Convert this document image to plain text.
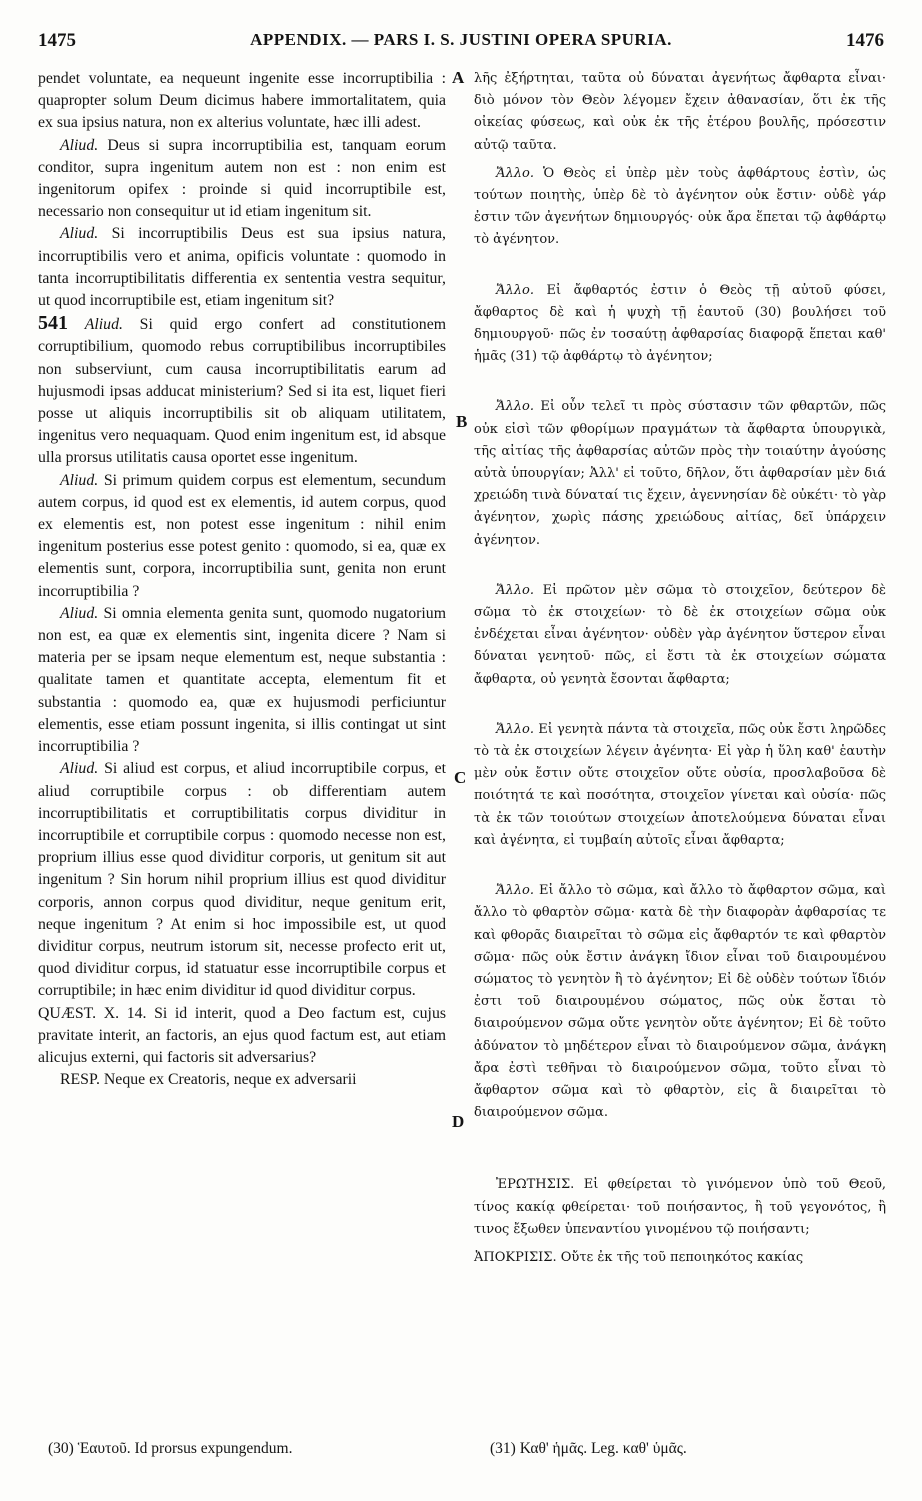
1475	APPENDIX. — PARS I. S. JUSTINI OPERA SPURIA.	1476

pendet voluntate, ea nequeunt ingenite esse incorruptibilia : quapropter solum Deum dicimus habere immortalitatem, quia ex sua ipsius natura, non ex alterius voluntate, hæc illi adest.

Aliud. Deus si supra incorruptibilia est, tanquam eorum conditor, supra ingenitum autem non est : non enim est ingenitorum opifex : proinde si quid incorruptibile est, necessario non consequitur ut id etiam ingenitum sit.

Aliud. Si incorruptibilis Deus est sua ipsius natura, incorruptibilis vero et anima, opificis voluntate : quomodo in tanta incorruptibilitatis differentia ex sententia vestra sequitur, ut quod incorruptibile est, etiam ingenitum sit?

541 Aliud. Si quid ergo confert ad constitutionem corruptibilium, quomodo rebus corruptibilibus incorruptibiles non subserviunt, cum causa incorruptibilitatis earum ad hujusmodi ipsas adducat ministerium? Sed si ita est, liquet fieri posse ut aliquis incorruptibilis sit ob aliquam utilitatem, ingenitus vero nequaquam. Quod enim ingenitum est, id absque ulla prorsus utilitatis causa oportet esse ingenitum.

Aliud. Si primum quidem corpus est elementum, secundum autem corpus, id quod est ex elementis, id autem corpus, quod ex elementis est, non potest esse ingenitum : nihil enim ingenitum posterius esse potest genito : quomodo, si ea, quæ ex elementis sunt, corpora, incorruptibilia sunt, genita non erunt incorruptibilia ?

Aliud. Si omnia elementa genita sunt, quomodo nugatorium non est, ea quæ ex elementis sint, ingenita dicere ? Nam si materia per se ipsam neque elementum est, neque substantia : qualitate tamen et quantitate accepta, elementum fit et substantia : quomodo ea, quæ ex hujusmodi perficiuntur elementis, esse etiam possunt ingenita, si illis contingat ut sint incorruptibilia ?

Aliud. Si aliud est corpus, et aliud incorruptibile corpus, et aliud corruptibile corpus : ob differentiam autem incorruptibilitatis et corruptibilitatis corpus dividitur in incorruptibile et corruptibile corpus : quomodo necesse non est, proprium illius esse quod dividitur corporis, ut genitum sit aut ingenitum ? Sin horum nihil proprium illius est quod dividitur corporis, annon corpus quod dividitur, neque genitum erit, neque ingenitum ? At enim si hoc impossibile est, ut quod dividitur corpus, neutrum istorum sit, necesse profecto erit ut, quod dividitur corpus, id statuatur esse incorruptibile corpus et corruptibile; in hæc enim dividitur id quod dividitur corpus.

QUÆST. X. 14. Si id interit, quod a Deo factum est, cujus pravitate interit, an factoris, an ejus quod factum est, aut etiam alicujus externi, qui factoris sit adversarius?

RESP. Neque ex Creatoris, neque ex adversarii

A
B
C
D

λῆς ἐξήρτηται, ταῦτα οὐ δύναται ἀγενήτως ἄφθαρτα εἶναι· διὸ μόνον τὸν Θεὸν λέγομεν ἔχειν ἀθανασίαν, ὅτι ἐκ τῆς οἰκείας φύσεως, καὶ οὐκ ἐκ τῆς ἑτέρου βουλῆς, πρόσεστιν αὐτῷ ταῦτα.

Ἄλλο. Ὁ Θεὸς εἰ ὑπὲρ μὲν τοὺς ἀφθάρτους ἐστὶν, ὡς τούτων ποιητὴς, ὑπὲρ δὲ τὸ ἀγένητον οὐκ ἔστιν· οὐδὲ γάρ ἐστιν τῶν ἀγενήτων δημιουργός· οὐκ ἄρα ἕπεται τῷ ἀφθάρτῳ τὸ ἀγένητον.

Ἄλλο. Εἰ ἄφθαρτός ἐστιν ὁ Θεὸς τῇ αὐτοῦ φύσει, ἄφθαρτος δὲ καὶ ἡ ψυχὴ τῇ ἑαυτοῦ (30) βουλήσει τοῦ δημιουργοῦ· πῶς ἐν τοσαύτῃ ἀφθαρσίας διαφορᾷ ἕπεται καθ' ἡμᾶς (31) τῷ ἀφθάρτῳ τὸ ἀγένητον;

Ἄλλο. Εἰ οὖν τελεῖ τι πρὸς σύστασιν τῶν φθαρτῶν, πῶς οὐκ εἰσὶ τῶν φθορίμων πραγμάτων τὰ ἄφθαρτα ὑπουργικὰ, τῆς αἰτίας τῆς ἀφθαρσίας αὐτῶν πρὸς τὴν τοιαύτην ἀγούσης αὐτὰ ὑπουργίαν; Ἀλλ' εἰ τοῦτο, δῆλον, ὅτι ἀφθαρσίαν μὲν διά χρειώδη τινὰ δύναταί τις ἔχειν, ἀγεννησίαν δὲ οὐκέτι· τὸ γὰρ ἀγένητον, χωρὶς πάσης χρειώδους αἰτίας, δεῖ ὑπάρχειν ἀγένητον.

Ἄλλο. Εἰ πρῶτον μὲν σῶμα τὸ στοιχεῖον, δεύτερον δὲ σῶμα τὸ ἐκ στοιχείων· τὸ δὲ ἐκ στοιχείων σῶμα οὐκ ἐνδέχεται εἶναι ἀγένητον· οὐδὲν γὰρ ἀγένητον ὕστερον εἶναι δύναται γενητοῦ· πῶς, εἰ ἔστι τὰ ἐκ στοιχείων σώματα ἄφθαρτα, οὐ γενητὰ ἔσονται ἄφθαρτα;

Ἄλλο. Εἰ γενητὰ πάντα τὰ στοιχεῖα, πῶς οὐκ ἔστι ληρῶδες τὸ τὰ ἐκ στοιχείων λέγειν ἀγένητα· Εἰ γὰρ ἡ ὕλη καθ' ἑαυτὴν μὲν οὐκ ἔστιν οὔτε στοιχεῖον οὔτε οὐσία, προσλαβοῦσα δὲ ποιότητά τε καὶ ποσότητα, στοιχεῖον γίνεται καὶ οὐσία· πῶς τὰ ἐκ τῶν τοιούτων στοιχείων ἀποτελούμενα δύναται εἶναι καὶ ἀγένητα, εἰ τυμβαίη αὐτοῖς εἶναι ἄφθαρτα;

Ἄλλο. Εἰ ἄλλο τὸ σῶμα, καὶ ἄλλο τὸ ἄφθαρτον σῶμα, καὶ ἄλλο τὸ φθαρτὸν σῶμα· κατὰ δὲ τὴν διαφορὰν ἀφθαρσίας τε καὶ φθορᾶς διαιρεῖται τὸ σῶμα εἰς ἄφθαρτόν τε καὶ φθαρτὸν σῶμα· πῶς οὐκ ἔστιν ἀνάγκη ἴδιον εἶναι τοῦ διαιρουμένου σώματος τὸ γενητὸν ἢ τὸ ἀγένητον; Εἰ δὲ οὐδὲν τούτων ἴδιόν ἐστι τοῦ διαιρουμένου σώματος, πῶς οὐκ ἔσται τὸ διαιρούμενον σῶμα οὔτε γενητὸν οὔτε ἀγένητον; Εἰ δὲ τοῦτο ἀδύνατον τὸ μηδέτερον εἶναι τὸ διαιρούμενον σῶμα, ἀνάγκη ἄρα ἐστὶ τεθῆναι τὸ διαιρούμενον σῶμα, τοῦτο εἶναι τὸ ἄφθαρτον σῶμα καὶ τὸ φθαρτὸν, εἰς ἃ διαιρεῖται τὸ διαιρούμενον σῶμα.

ἘΡΩΤΗΣΙΣ. Εἰ φθείρεται τὸ γινόμενον ὑπὸ τοῦ Θεοῦ, τίνος κακίᾳ φθείρεται· τοῦ ποιήσαντος, ἢ τοῦ γεγονότος, ἢ τινος ἔξωθεν ὑπεναντίου γινομένου τῷ ποιήσαντι;

ἈΠΟΚΡΙΣΙΣ. Οὔτε ἐκ τῆς τοῦ πεποιηκότος κακίας

(30) Ἑαυτοῦ. Id prorsus expungendum.	(31) Καθ' ἡμᾶς. Leg. καθ' ὑμᾶς.
